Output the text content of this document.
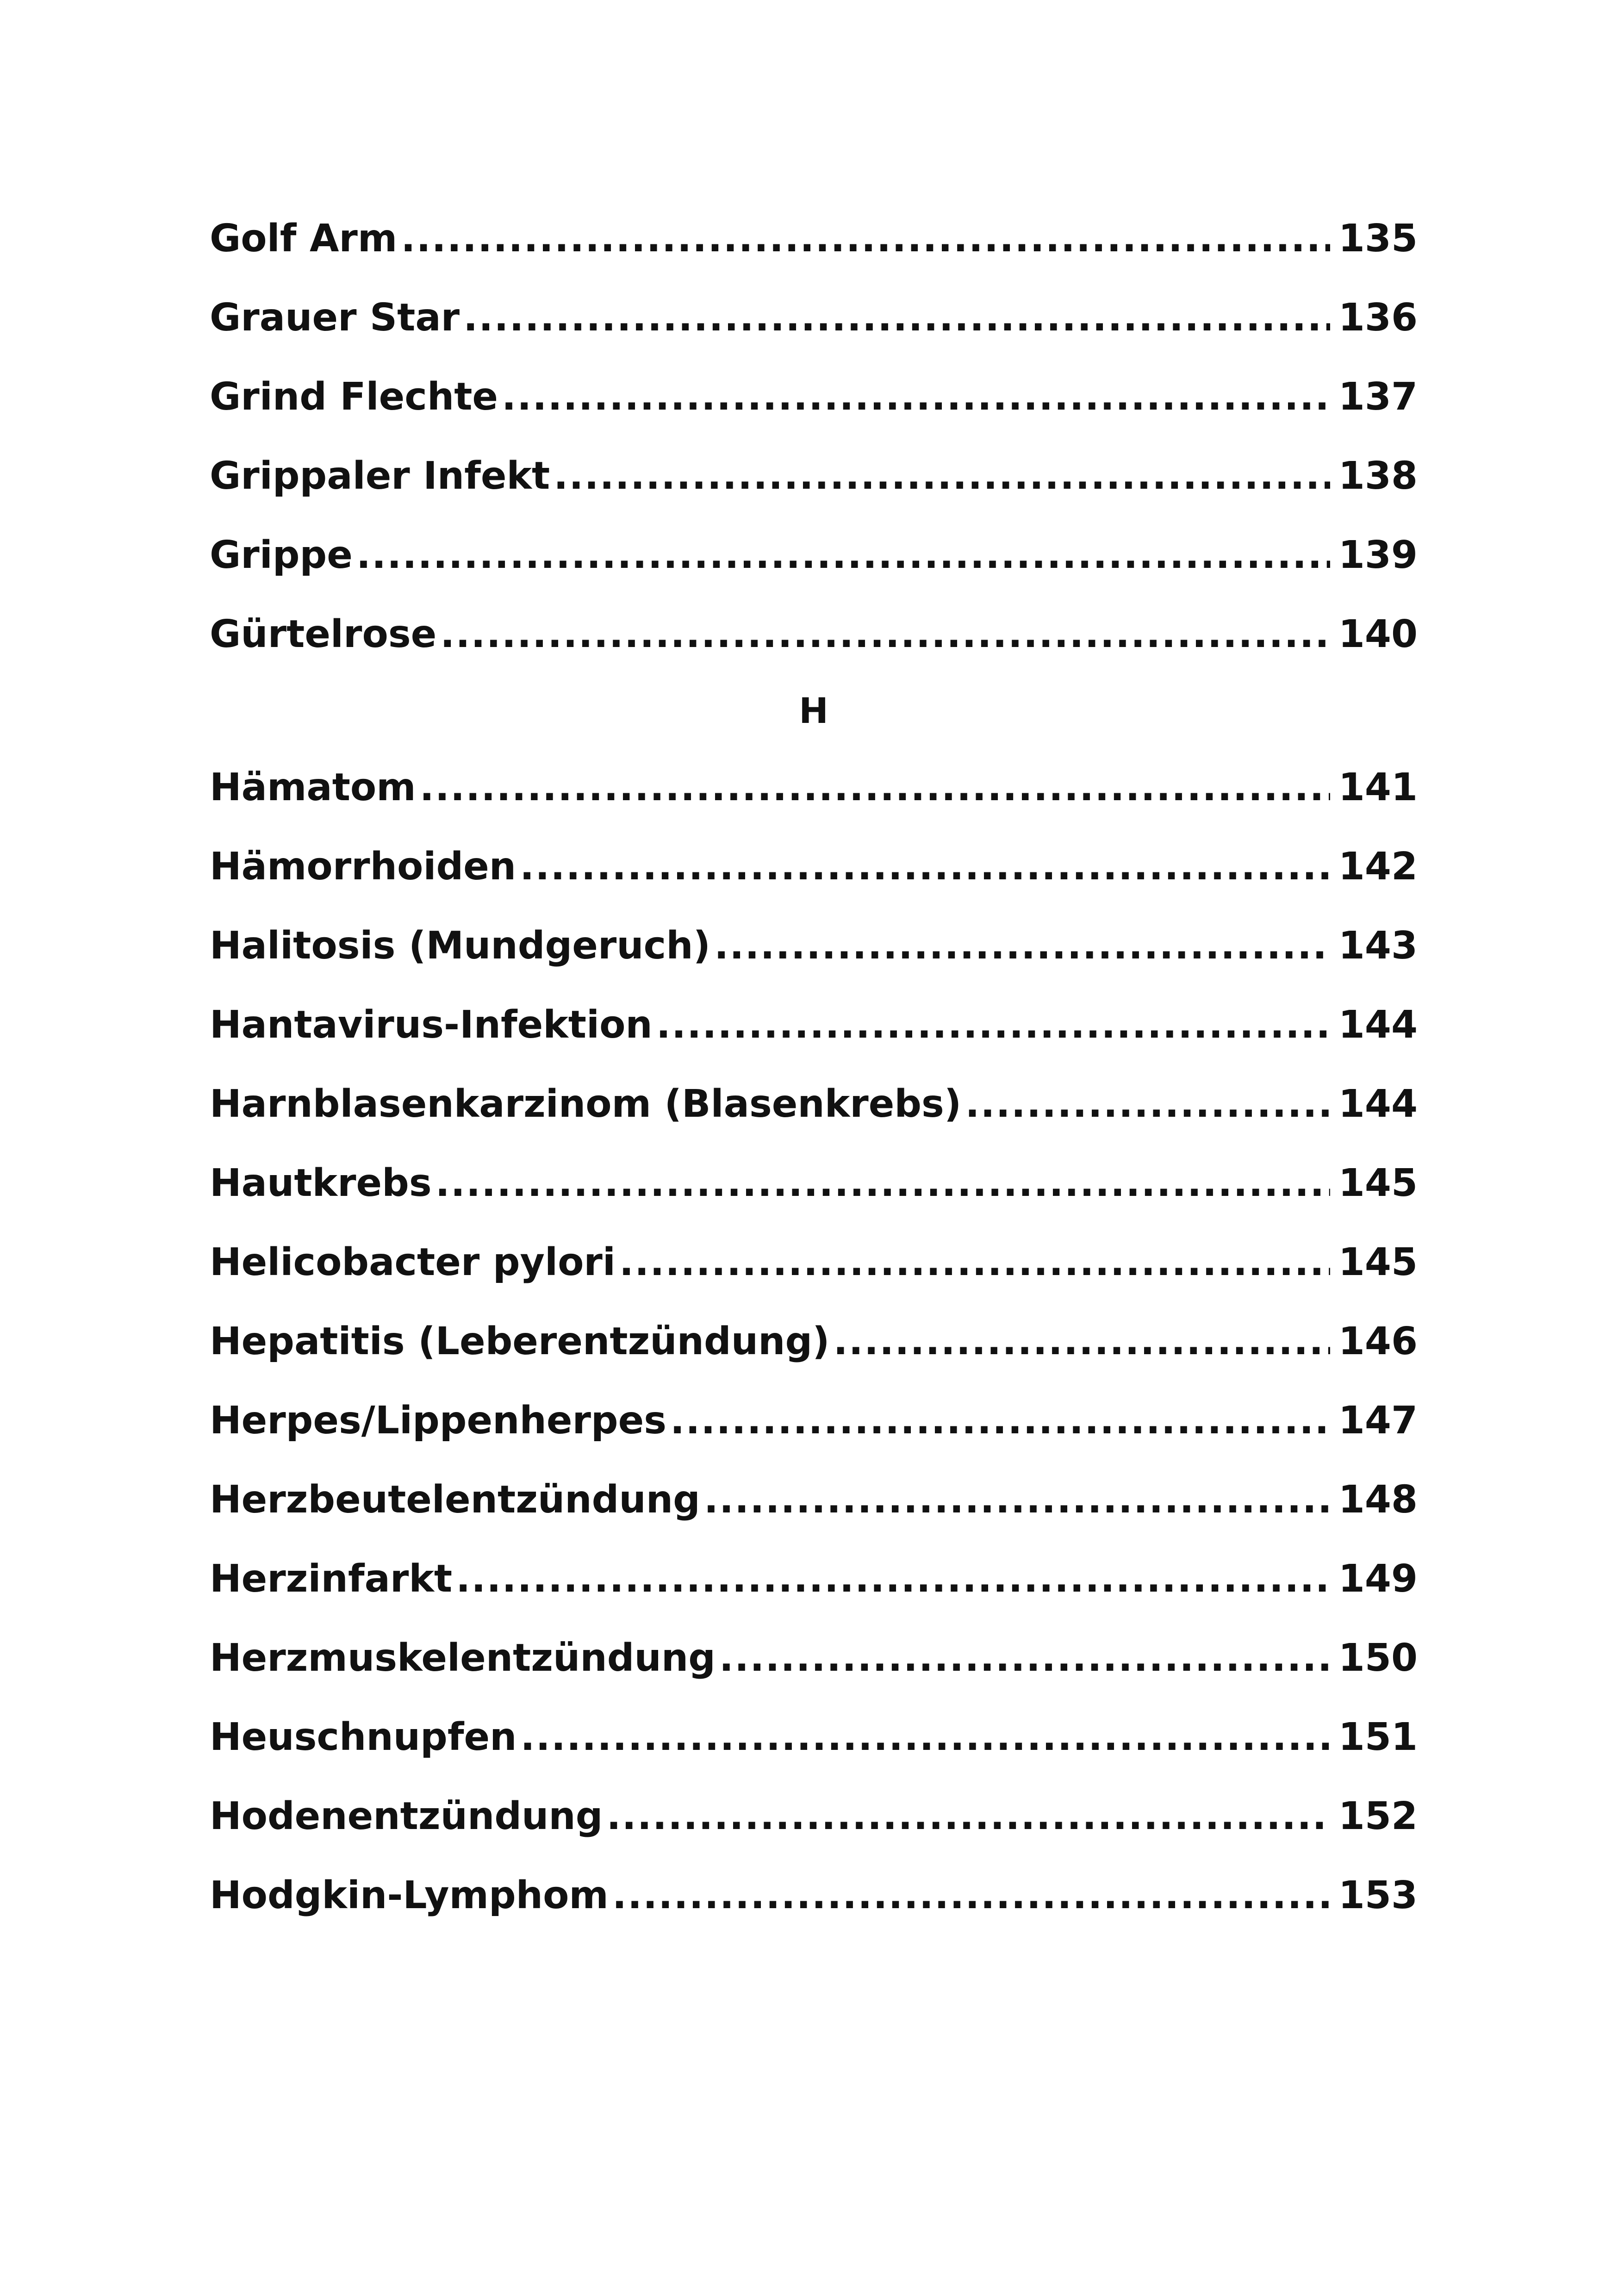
Golf Arm .....	135
Grauer Star .....	136
Grind Flechte .....	137
Grippaler Infekt .....	138
Grippe .....	139
Gürtelrose .....	140
H
Hämatom .....	141
Hämorrhoiden .....	142
Halitosis (Mundgeruch) .....	143
Hantavirus-Infektion .....	144
Harnblasenkarzinom (Blasenkrebs) .....	144
Hautkrebs .....	145
Helicobacter pylori .....	145
Hepatitis (Leberentzündung) .....	146
Herpes/Lippenherpes .....	147
Herzbeutelentzündung .....	148
Herzinfarkt .....	149
Herzmuskelentzündung .....	150
Heuschnupfen .....	151
Hodenentzündung .....	152
Hodgkin-Lymphom .....	153
